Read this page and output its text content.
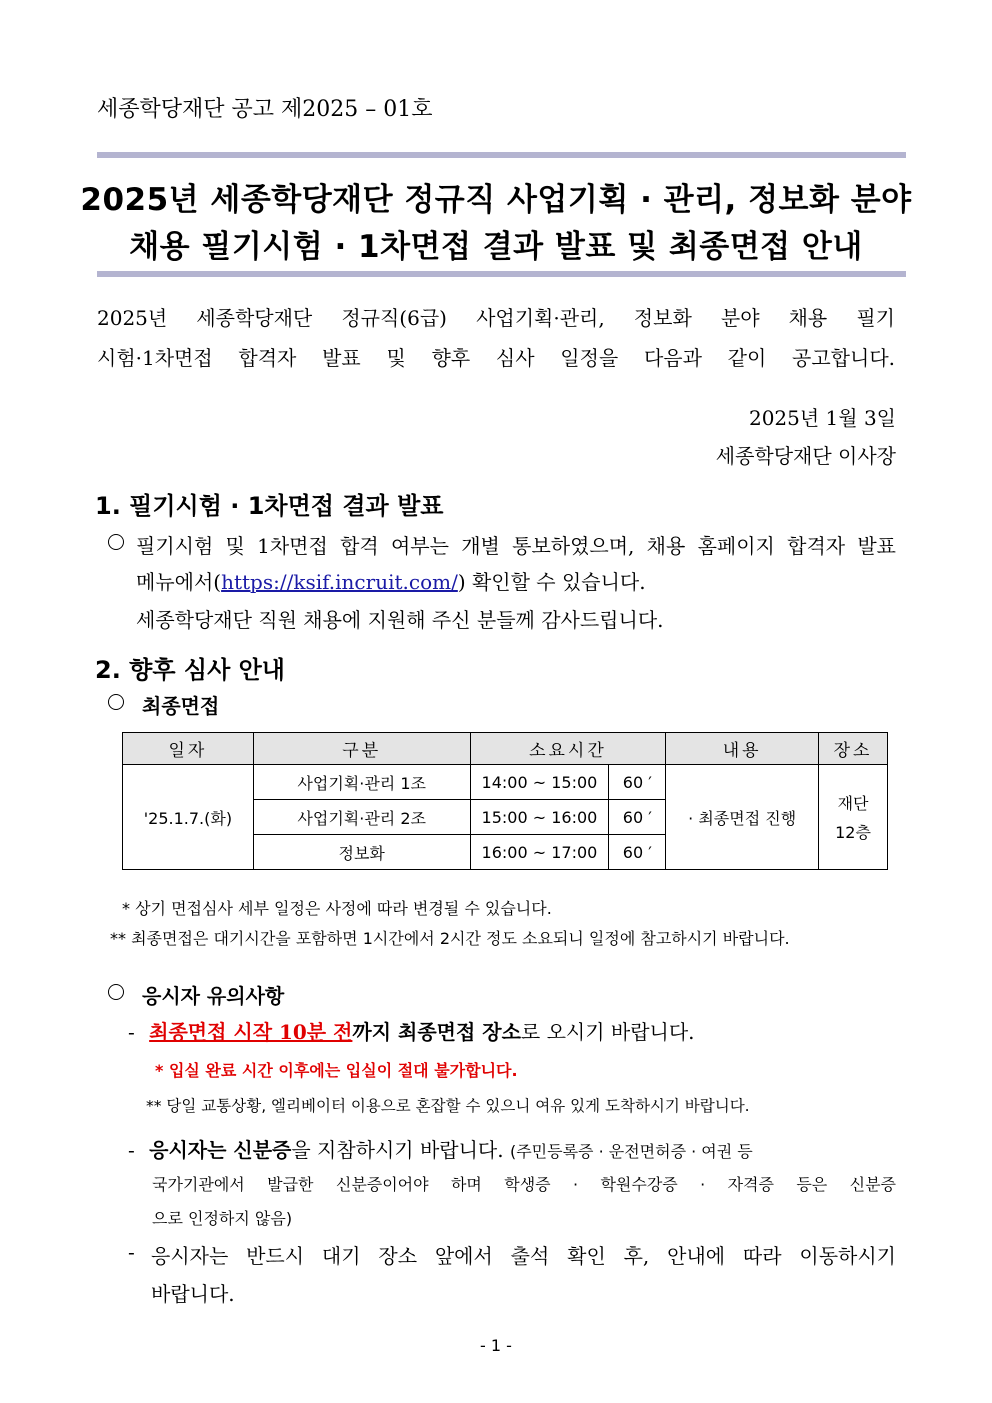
세종학당재단 공고 제2025 – 01호
2025년 세종학당재단 정규직 사업기획 · 관리, 정보화 분야
채용 필기시험 · 1차면접 결과 발표 및 최종면접 안내
2025년 세종학당재단 정규직(6급) 사업기획·관리, 정보화 분야 채용 필기
시험·1차면접 합격자 발표 및 향후 심사 일정을 다음과 같이 공고합니다.
2025년 1월 3일
세종학당재단 이사장
1. 필기시험 · 1차면접 결과 발표
필기시험 및 1차면접 합격 여부는 개별 통보하였으며, 채용 홈페이지 합격자 발표
메뉴에서(https://ksif.incruit.com/) 확인할 수 있습니다.
세종학당재단 직원 채용에 지원해 주신 분들께 감사드립니다.
2. 향후 심사 안내
최종면접
일자	구분	소요시간		내용	장소
'25.1.7.(화)	사업기획·관리 1조	14:00 ~ 15:00	60 ′	· 최종면접 진행	재단
12층

	사업기획·관리 2조	15:00 ~ 16:00	60 ′		
	정보화	16:00 ~ 17:00	60 ′		
* 상기 면접심사 세부 일정은 사정에 따라 변경될 수 있습니다.
** 최종면접은 대기시간을 포함하면 1시간에서 2시간 정도 소요되니 일정에 참고하시기 바랍니다.
응시자 유의사항
- 최종면접 시작 10분 전까지 최종면접 장소로 오시기 바랍니다.
* 입실 완료 시간 이후에는 입실이 절대 불가합니다.
** 당일 교통상황, 엘리베이터 이용으로 혼잡할 수 있으니 여유 있게 도착하시기 바랍니다.
- 응시자는 신분증을 지참하시기 바랍니다. (주민등록증 · 운전면허증 · 여권 등
국가기관에서 발급한 신분증이어야 하며 학생증 · 학원수강증 · 자격증 등은 신분증
으로 인정하지 않음)
- 응시자는 반드시 대기 장소 앞에서 출석 확인 후, 안내에 따라 이동하시기
바랍니다.
- 1 -
